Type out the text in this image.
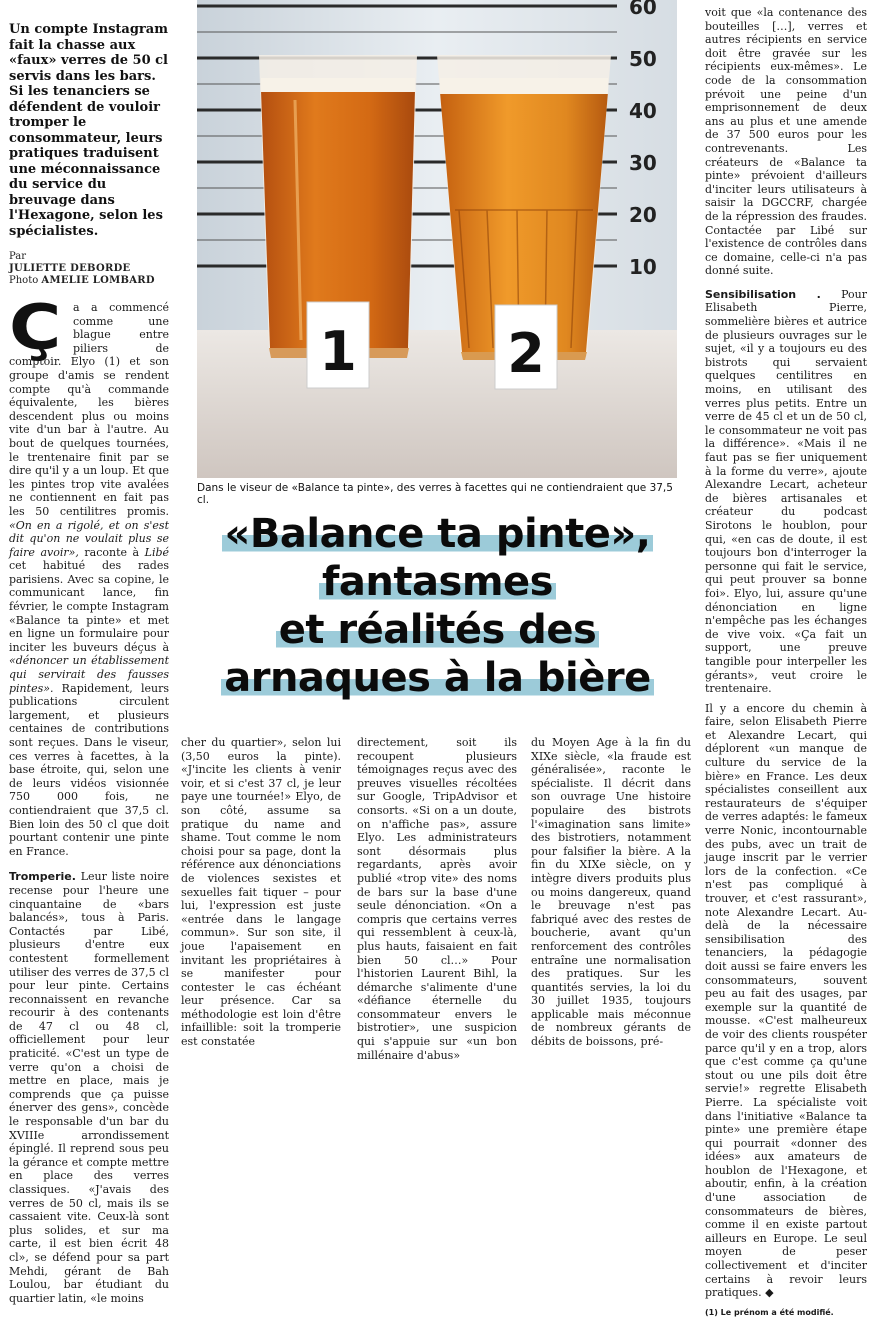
Un compte Instagram fait la chasse aux «faux» verres de 50 cl servis dans les bars. Si les tenanciers se défendent de vouloir tromper le consommateur, leurs pratiques traduisent une méconnaissance du service du breuvage dans l'Hexagone, selon les spécialistes.
Par
JULIETTE DEBORDE
Photo AMELIE LOMBARD

Ç	a a commencé comme une blague entre piliers de comptoir. Elyo (1) et son groupe d'amis se rendent compte qu'à commande équivalente, les bières descendent plus ou moins vite d'un bar à l'autre. Au bout de quelques tournées, le trentenaire finit par se dire qu'il y a un loup. Et que les pintes trop vite avalées ne contiennent en fait pas les 50 centilitres promis. «On en a rigolé, et on s'est dit qu'on ne voulait plus se faire avoir», raconte à Libé cet habitué des rades parisiens. Avec sa copine, le communicant lance, fin février, le compte Instagram «Balance ta pinte» et met en ligne un formulaire pour inciter les buveurs déçus à «dénoncer un établissement qui servirait des fausses pintes». Rapidement, leurs publications circulent largement, et plusieurs centaines de contributions sont reçues. Dans le viseur, ces verres à facettes, à la base étroite, qui, selon une de leurs vidéos visionnée 750 000 fois, ne contiendraient que 37,5 cl. Bien loin des 50 cl que doit pourtant contenir une pinte en France.

Tromperie. Leur liste noire recense pour l'heure une cinquantaine de «bars balancés», tous à Paris. Contactés par Libé, plusieurs d'entre eux contestent formellement utiliser des verres de 37,5 cl pour leur pinte. Certains reconnaissent en revanche recourir à des contenants de 47 cl ou 48 cl, officiellement pour leur praticité. «C'est un type de verre qu'on a choisi de mettre en place, mais je comprends que ça puisse énerver des gens», concède le responsable d'un bar du XVIIIe arrondissement épinglé. Il reprend sous peu la gérance et compte mettre en place des verres classiques. «J'avais des verres de 50 cl, mais ils se cassaient vite. Ceux-là sont plus solides, et sur ma carte, il est bien écrit 48 cl», se défend pour sa part Mehdi, gérant de Bah Loulou, bar étudiant du quartier latin, «le moins

60
50
40
30
20
10
1	2
Dans le viseur de «Balance ta pinte», des verres à facettes qui ne contiendraient que 37,5 cl.
«Balance ta pinte»,
fantasmes
et réalités des
arnaques à la bière

cher du quartier», selon lui (3,50 euros la pinte). «J'incite les clients à venir voir, et si c'est 37 cl, je leur paye une tournée!» Elyo, de son côté, assume sa pratique du name and shame. Tout comme le nom choisi pour sa page, dont la référence aux dénonciations de violences sexistes et sexuelles fait tiquer – pour lui, l'expression est juste «entrée dans le langage commun». Sur son site, il joue l'apaisement en invitant les propriétaires à se manifester pour contester le cas échéant leur présence. Car sa méthodologie est loin d'être infaillible: soit la tromperie est constatée

directement, soit ils recoupent plusieurs témoignages reçus avec des preuves visuelles récoltées sur Google, TripAdvisor et consorts. «Si on a un doute, on n'affiche pas», assure Elyo. Les administrateurs sont désormais plus regardants, après avoir publié «trop vite» des noms de bars sur la base d'une seule dénonciation. «On a compris que certains verres qui ressemblent à ceux-là, plus hauts, faisaient en fait bien 50 cl…» Pour l'historien Laurent Bihl, la démarche s'alimente d'une «défiance éternelle du consommateur envers le bistrotier», une suspicion qui s'appuie sur «un bon millénaire d'abus»

du Moyen Age à la fin du XIXe siècle, «la fraude est généralisée», raconte le spécialiste. Il décrit dans son ouvrage Une histoire populaire des bistrots l'«imagination sans limite» des bistrotiers, notamment pour falsifier la bière. A la fin du XIXe siècle, on y intègre divers produits plus ou moins dangereux, quand le breuvage n'est pas fabriqué avec des restes de boucherie, avant qu'un renforcement des contrôles entraîne une normalisation des pratiques. Sur les quantités servies, la loi du 30 juillet 1935, toujours applicable mais méconnue de nombreux gérants de débits de boissons, pré-

voit que «la contenance des bouteilles […], verres et autres récipients en service doit être gravée sur les récipients eux-mêmes». Le code de la consommation prévoit une peine d'un emprisonnement de deux ans au plus et une amende de 37 500 euros pour les contrevenants. Les créateurs de «Balance ta pinte» prévoient d'ailleurs d'inciter leurs utilisateurs à saisir la DGCCRF, chargée de la répression des fraudes. Contactée par Libé sur l'existence de contrôles dans ce domaine, celle-ci n'a pas donné suite.

Sensibilisation . Pour Elisabeth Pierre, sommelière bières et autrice de plusieurs ouvrages sur le sujet, «il y a toujours eu des bistrots qui servaient quelques centilitres en moins, en utilisant des verres plus petits. Entre un verre de 45 cl et un de 50 cl, le consommateur ne voit pas la différence». «Mais il ne faut pas se fier uniquement à la forme du verre», ajoute Alexandre Lecart, acheteur de bières artisanales et créateur du podcast Sirotons le houblon, pour qui, «en cas de doute, il est toujours bon d'interroger la personne qui fait le service, qui peut prouver sa bonne foi». Elyo, lui, assure qu'une dénonciation en ligne n'empêche pas les échanges de vive voix. «Ça fait un support, une preuve tangible pour interpeller les gérants», veut croire le trentenaire.

Il y a encore du chemin à faire, selon Elisabeth Pierre et Alexandre Lecart, qui déplorent «un manque de culture du service de la bière» en France. Les deux spécialistes conseillent aux restaurateurs de s'équiper de verres adaptés: le fameux verre Nonic, incontournable des pubs, avec un trait de jauge inscrit par le verrier lors de la confection. «Ce n'est pas compliqué à trouver, et c'est rassurant», note Alexandre Lecart. Au-delà de la nécessaire sensibilisation des tenanciers, la pédagogie doit aussi se faire envers les consommateurs, souvent peu au fait des usages, par exemple sur la quantité de mousse. «C'est malheureux de voir des clients rouspéter parce qu'il y en a trop, alors que c'est comme ça qu'une stout ou une pils doit être servie!» regrette Elisabeth Pierre. La spécialiste voit dans l'initiative «Balance ta pinte» une première étape qui pourrait «donner des idées» aux amateurs de houblon de l'Hexagone, et aboutir, enfin, à la création d'une association de consommateurs de bières, comme il en existe partout ailleurs en Europe. Le seul moyen de peser collectivement et d'inciter certains à revoir leurs pratiques. ◆

(1) Le prénom a été modifié.
